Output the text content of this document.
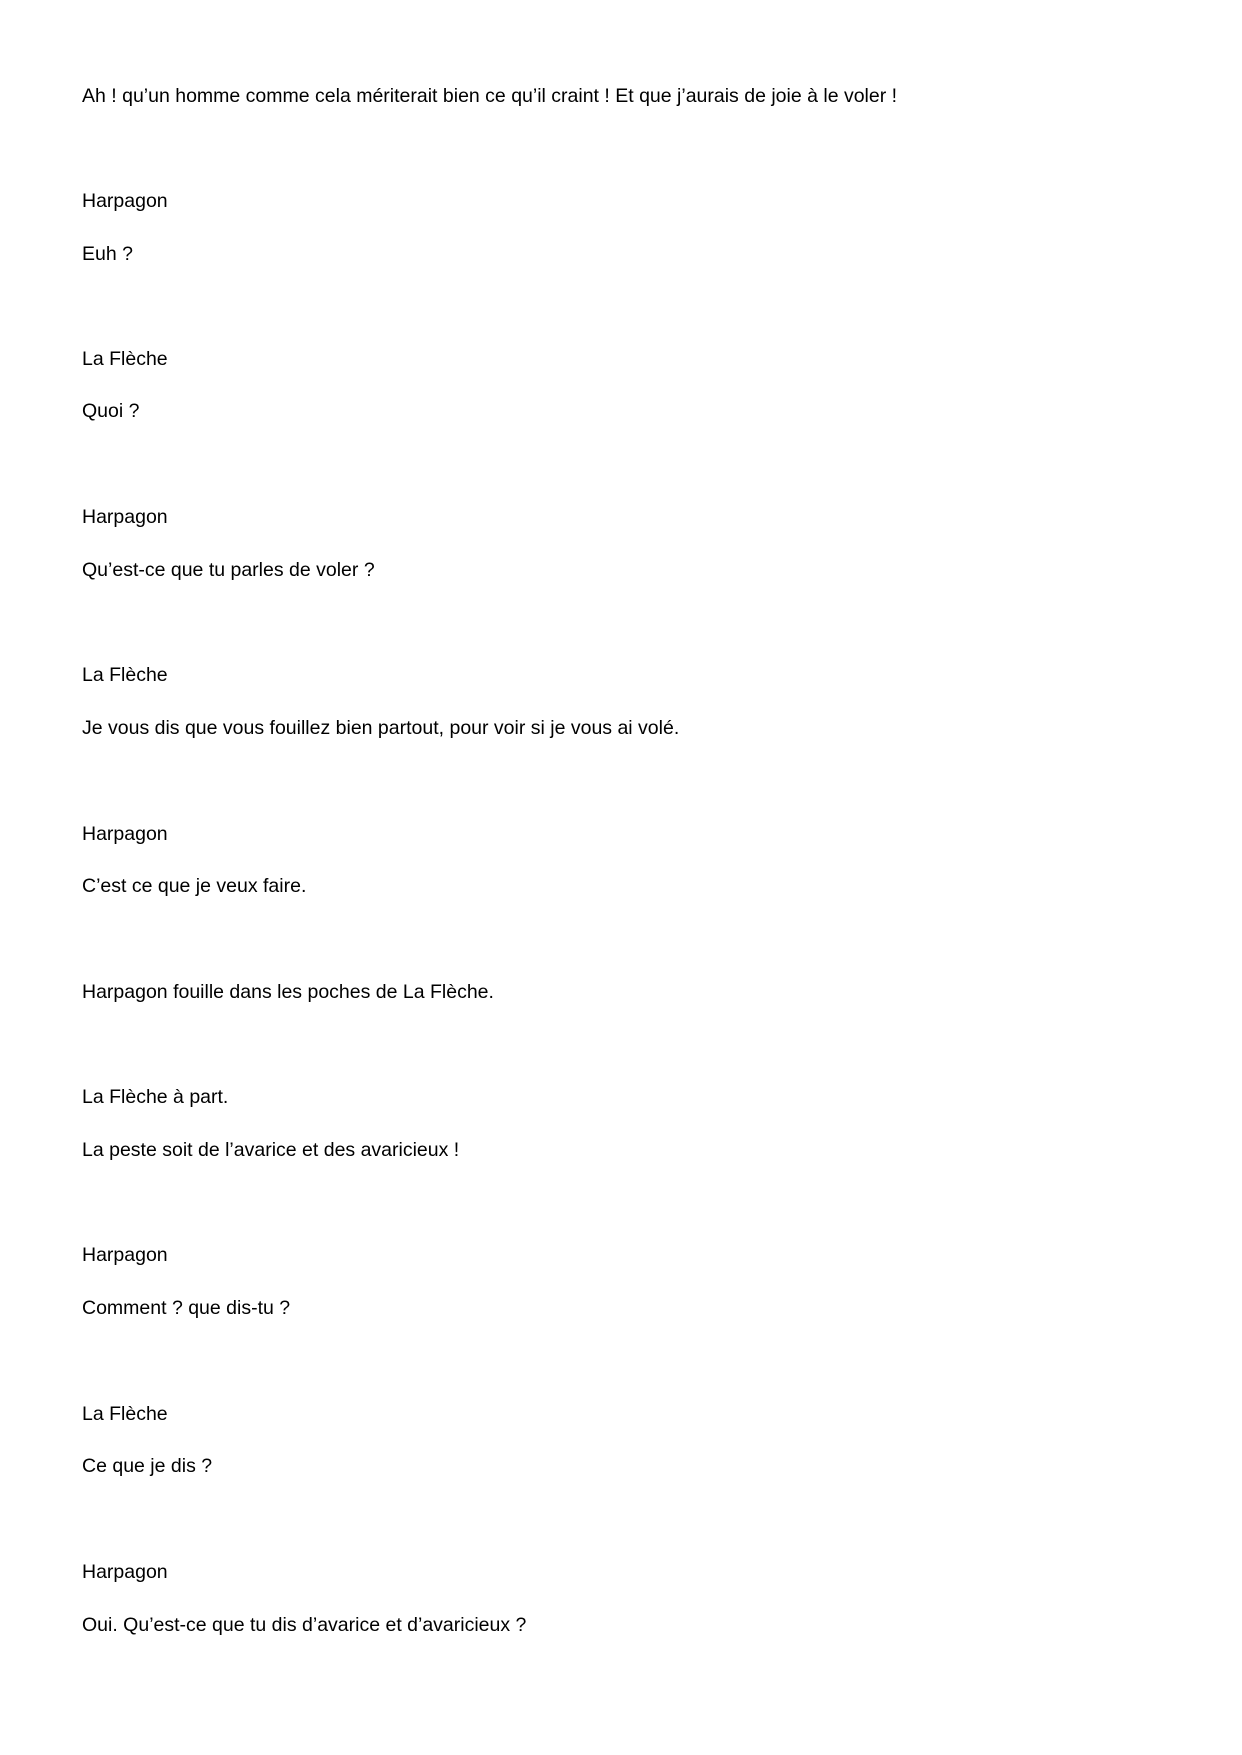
Ah ! qu’un homme comme cela mériterait bien ce qu’il craint ! Et que j’aurais de joie à le voler !
Harpagon
Euh ?
La Flèche
Quoi ?
Harpagon
Qu’est-ce que tu parles de voler ?
La Flèche
Je vous dis que vous fouillez bien partout, pour voir si je vous ai volé.
Harpagon
C’est ce que je veux faire.
Harpagon fouille dans les poches de La Flèche.
La Flèche à part.
La peste soit de l’avarice et des avaricieux !
Harpagon
Comment ? que dis-tu ?
La Flèche
Ce que je dis ?
Harpagon
Oui. Qu’est-ce que tu dis d’avarice et d’avaricieux ?
